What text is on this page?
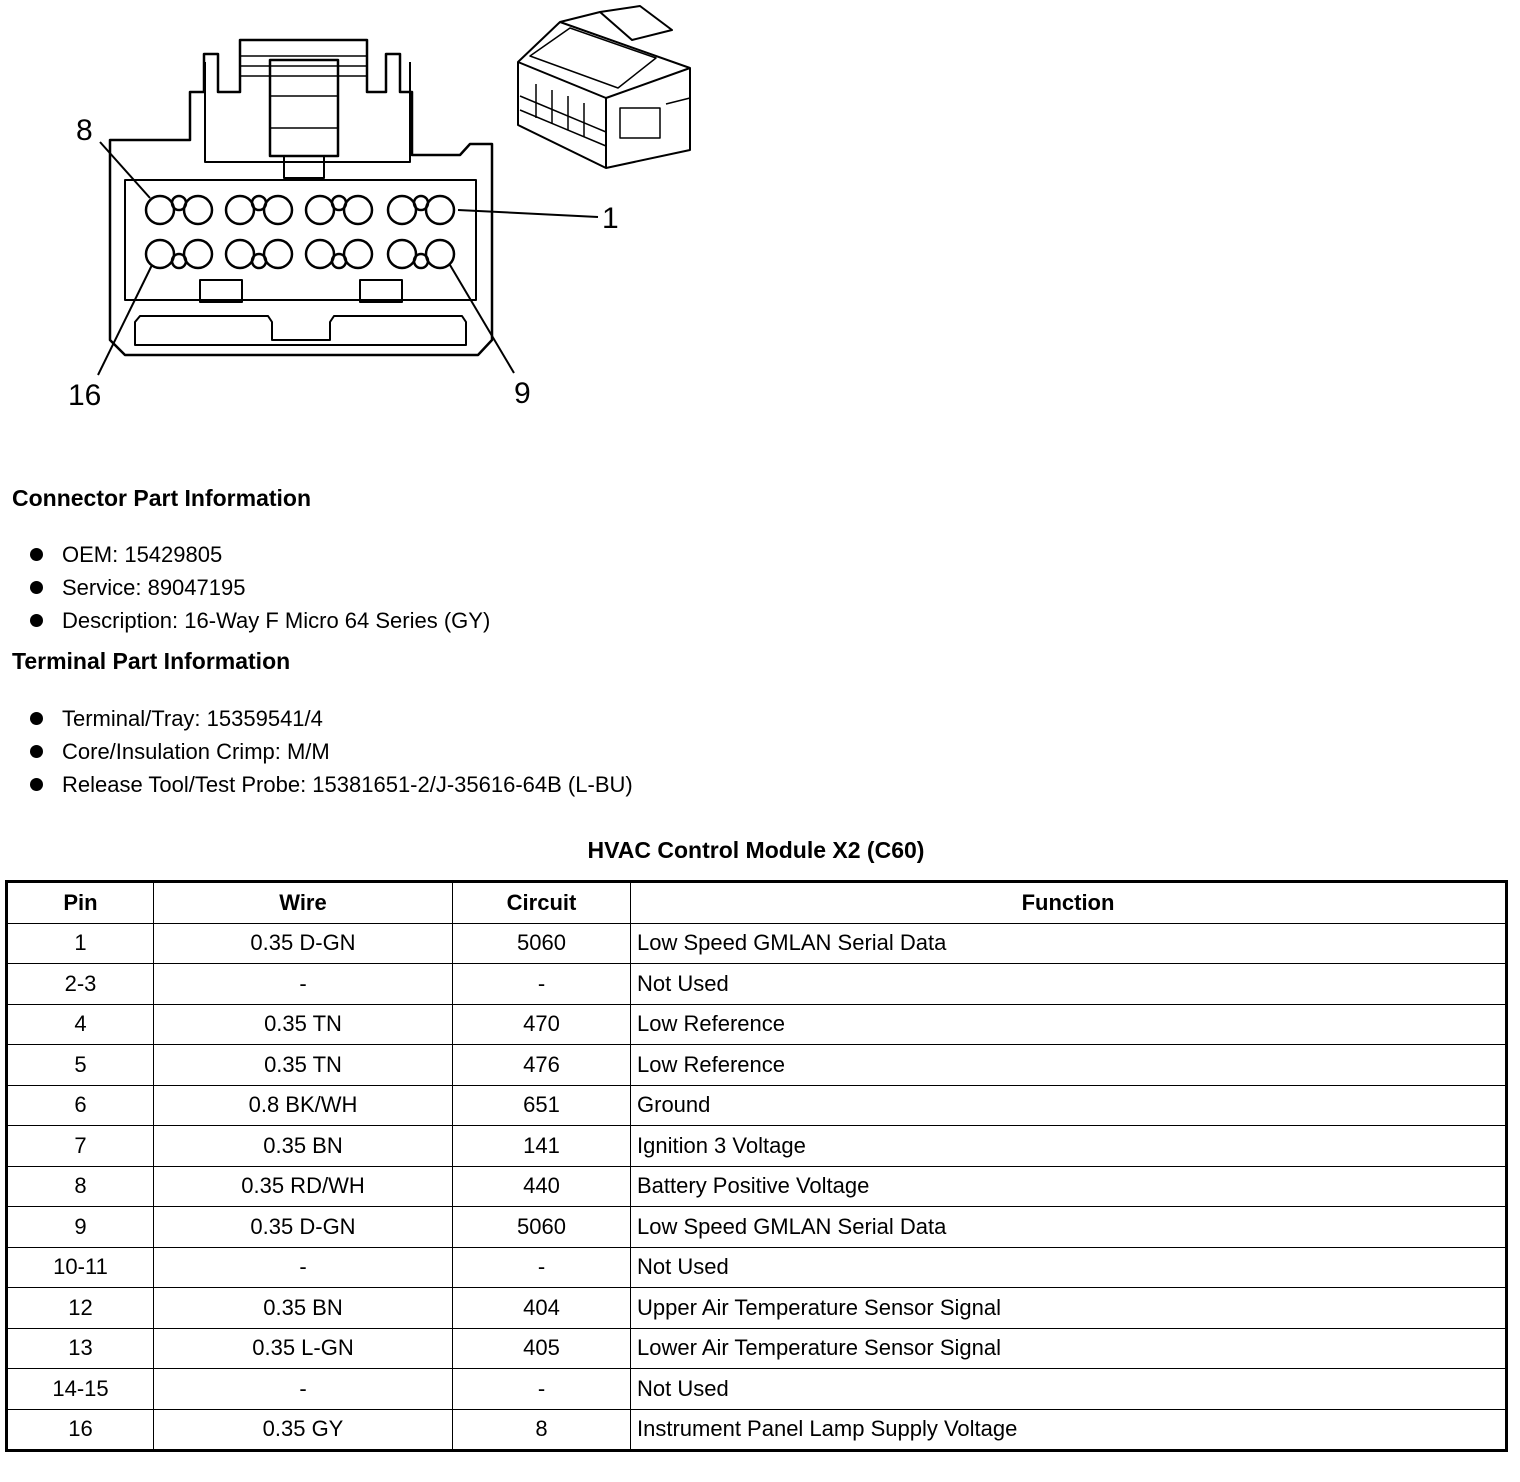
8
1
16	9
Connector Part Information
OEM: 15429805
Service: 89047195
Description: 16-Way F Micro 64 Series (GY)
Terminal Part Information
Terminal/Tray: 15359541/4
Core/Insulation Crimp: M/M
Release Tool/Test Probe: 15381651-2/J-35616-64B (L-BU)
HVAC Control Module X2 (C60)
Pin	Wire	Circuit	Function
1	0.35 D-GN	5060	Low Speed GMLAN Serial Data
2-3	-	-	Not Used
4	0.35 TN	470	Low Reference
5	0.35 TN	476	Low Reference
6	0.8 BK/WH	651	Ground
7	0.35 BN	141	Ignition 3 Voltage
8	0.35 RD/WH	440	Battery Positive Voltage
9	0.35 D-GN	5060	Low Speed GMLAN Serial Data
10-11	-	-	Not Used
12	0.35 BN	404	Upper Air Temperature Sensor Signal
13	0.35 L-GN	405	Lower Air Temperature Sensor Signal
14-15	-	-	Not Used
16	0.35 GY	8	Instrument Panel Lamp Supply Voltage
